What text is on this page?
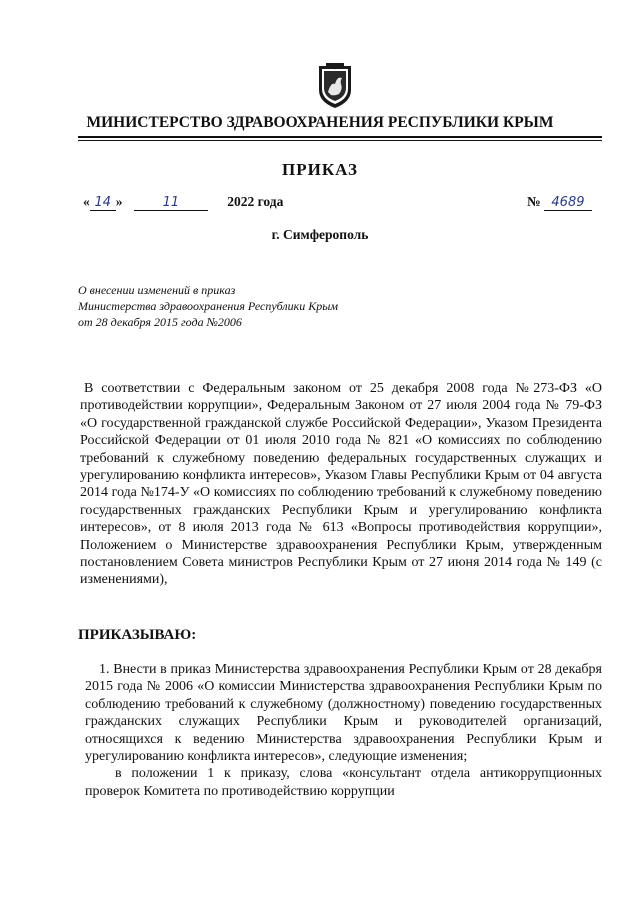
МИНИСТЕРСТВО ЗДРАВООХРАНЕНИЯ РЕСПУБЛИКИ КРЫМ
ПРИКАЗ
« 14 »	11	2022 года	№ 4689
г. Симферополь
О внесении изменений в приказ
Министерства здравоохранения Республики Крым
от 28 декабря 2015 года №2006

В соответствии с Федеральным законом от 25 декабря 2008 года №273-ФЗ «О противодействии коррупции», Федеральным Законом от 27 июля 2004 года № 79-ФЗ «О государственной гражданской службе Российской Федерации», Указом Президента Российской Федерации от 01 июля 2010 года № 821 «О комиссиях по соблюдению требований к служебному поведению федеральных государственных служащих и урегулированию конфликта интересов», Указом Главы Республики Крым от 04 августа 2014 года №174-У «О комиссиях по соблюдению требований к служебному поведению государственных гражданских Республики Крым и урегулированию конфликта интересов», от 8 июля 2013 года № 613 «Вопросы противодействия коррупции», Положением о Министерстве здравоохранения Республики Крым, утвержденным постановлением Совета министров Республики Крым от 27 июня 2014 года № 149 (с изменениями),

ПРИКАЗЫВАЮ:

1. Внести в приказ Министерства здравоохранения Республики Крым от 28 декабря 2015 года № 2006 «О комиссии Министерства здравоохранения Республики Крым по соблюдению требований к служебному (должностному) поведению государственных гражданских служащих Республики Крым и руководителей организаций, относящихся к ведению Министерства здравоохранения Республики Крым и урегулированию конфликта интересов», следующие изменения;

в положении 1 к приказу, слова «консультант отдела антикоррупционных проверок Комитета по противодействию коррупции
